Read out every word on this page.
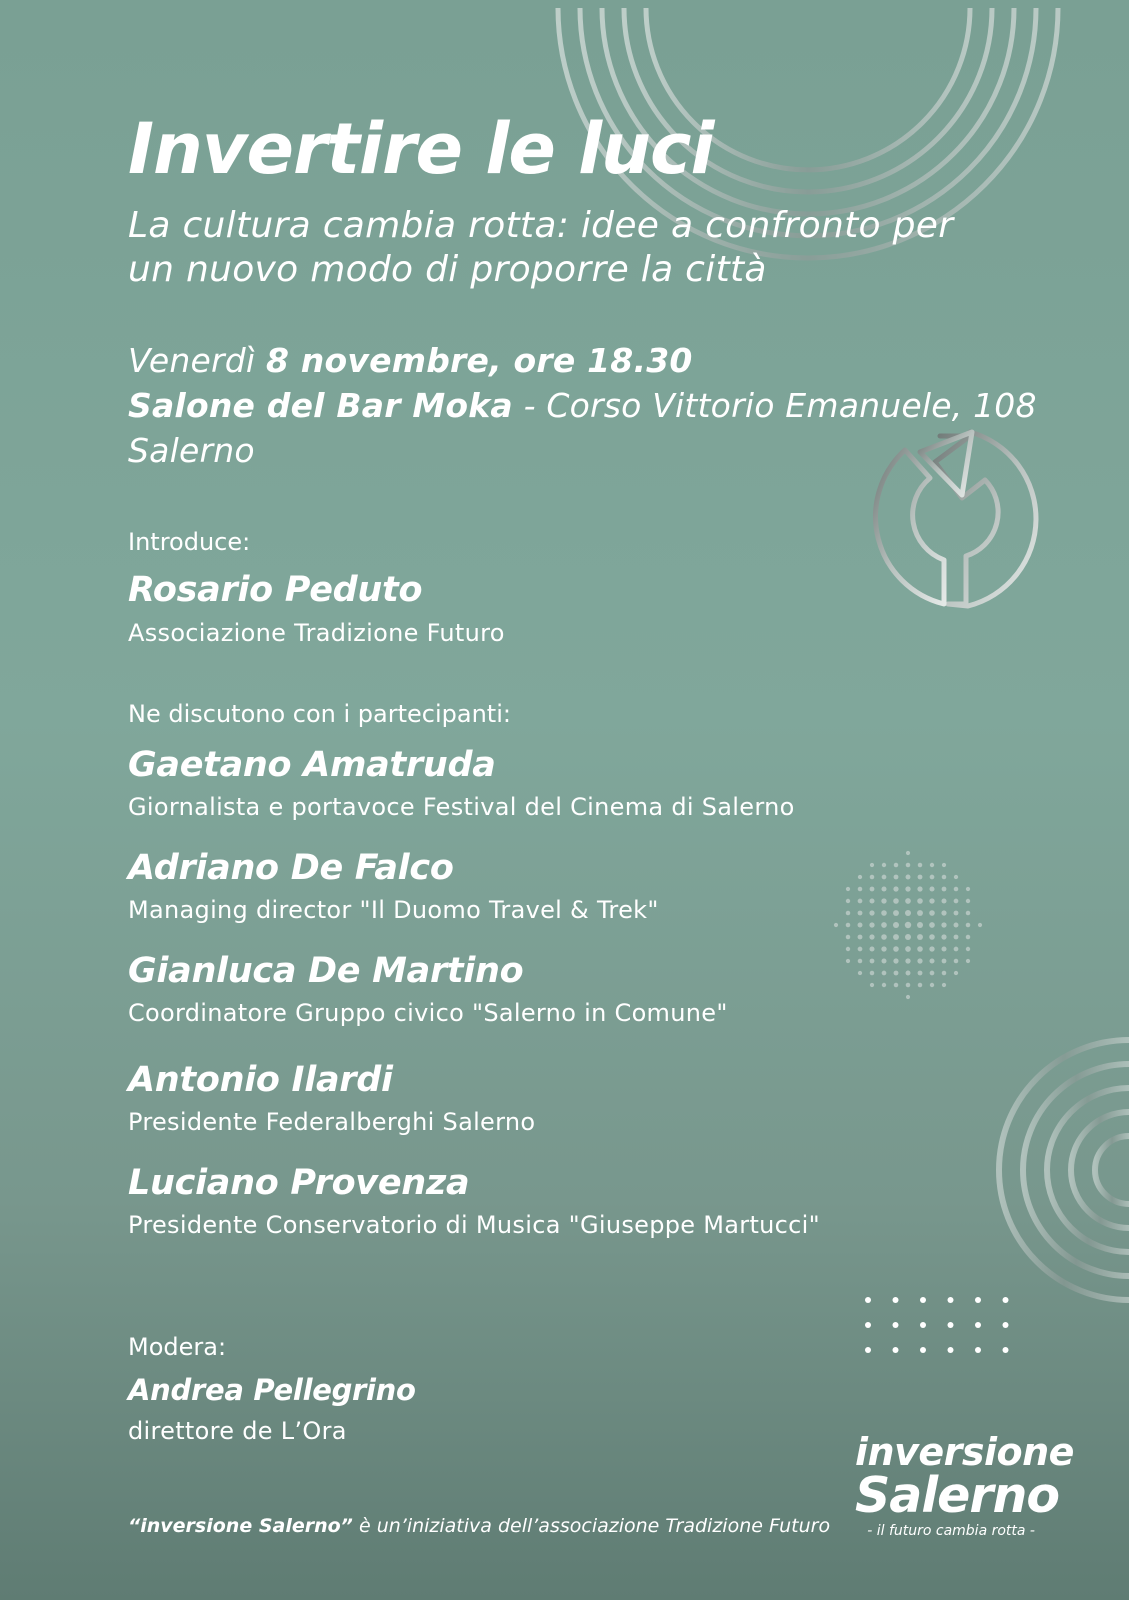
Invertire le luci
La cultura cambia rotta: idee a confronto per
un nuovo modo di proporre la città
Venerdì 8 novembre, ore 18.30
Salone del Bar Moka - Corso Vittorio Emanuele, 108
Salerno
Introduce:
Rosario Peduto
Associazione Tradizione Futuro
Ne discutono con i partecipanti:
Gaetano Amatruda
Giornalista e portavoce Festival del Cinema di Salerno
Adriano De Falco
Managing director "Il Duomo Travel & Trek"
Gianluca De Martino
Coordinatore Gruppo civico "Salerno in Comune"
Antonio Ilardi
Presidente Federalberghi Salerno
Luciano Provenza
Presidente Conservatorio di Musica "Giuseppe Martucci"
Modera:
Andrea Pellegrino
direttore de L’Ora
“inversione Salerno” è un’iniziativa dell’associazione Tradizione Futuro
inversione
Salerno
- il futuro cambia rotta -
